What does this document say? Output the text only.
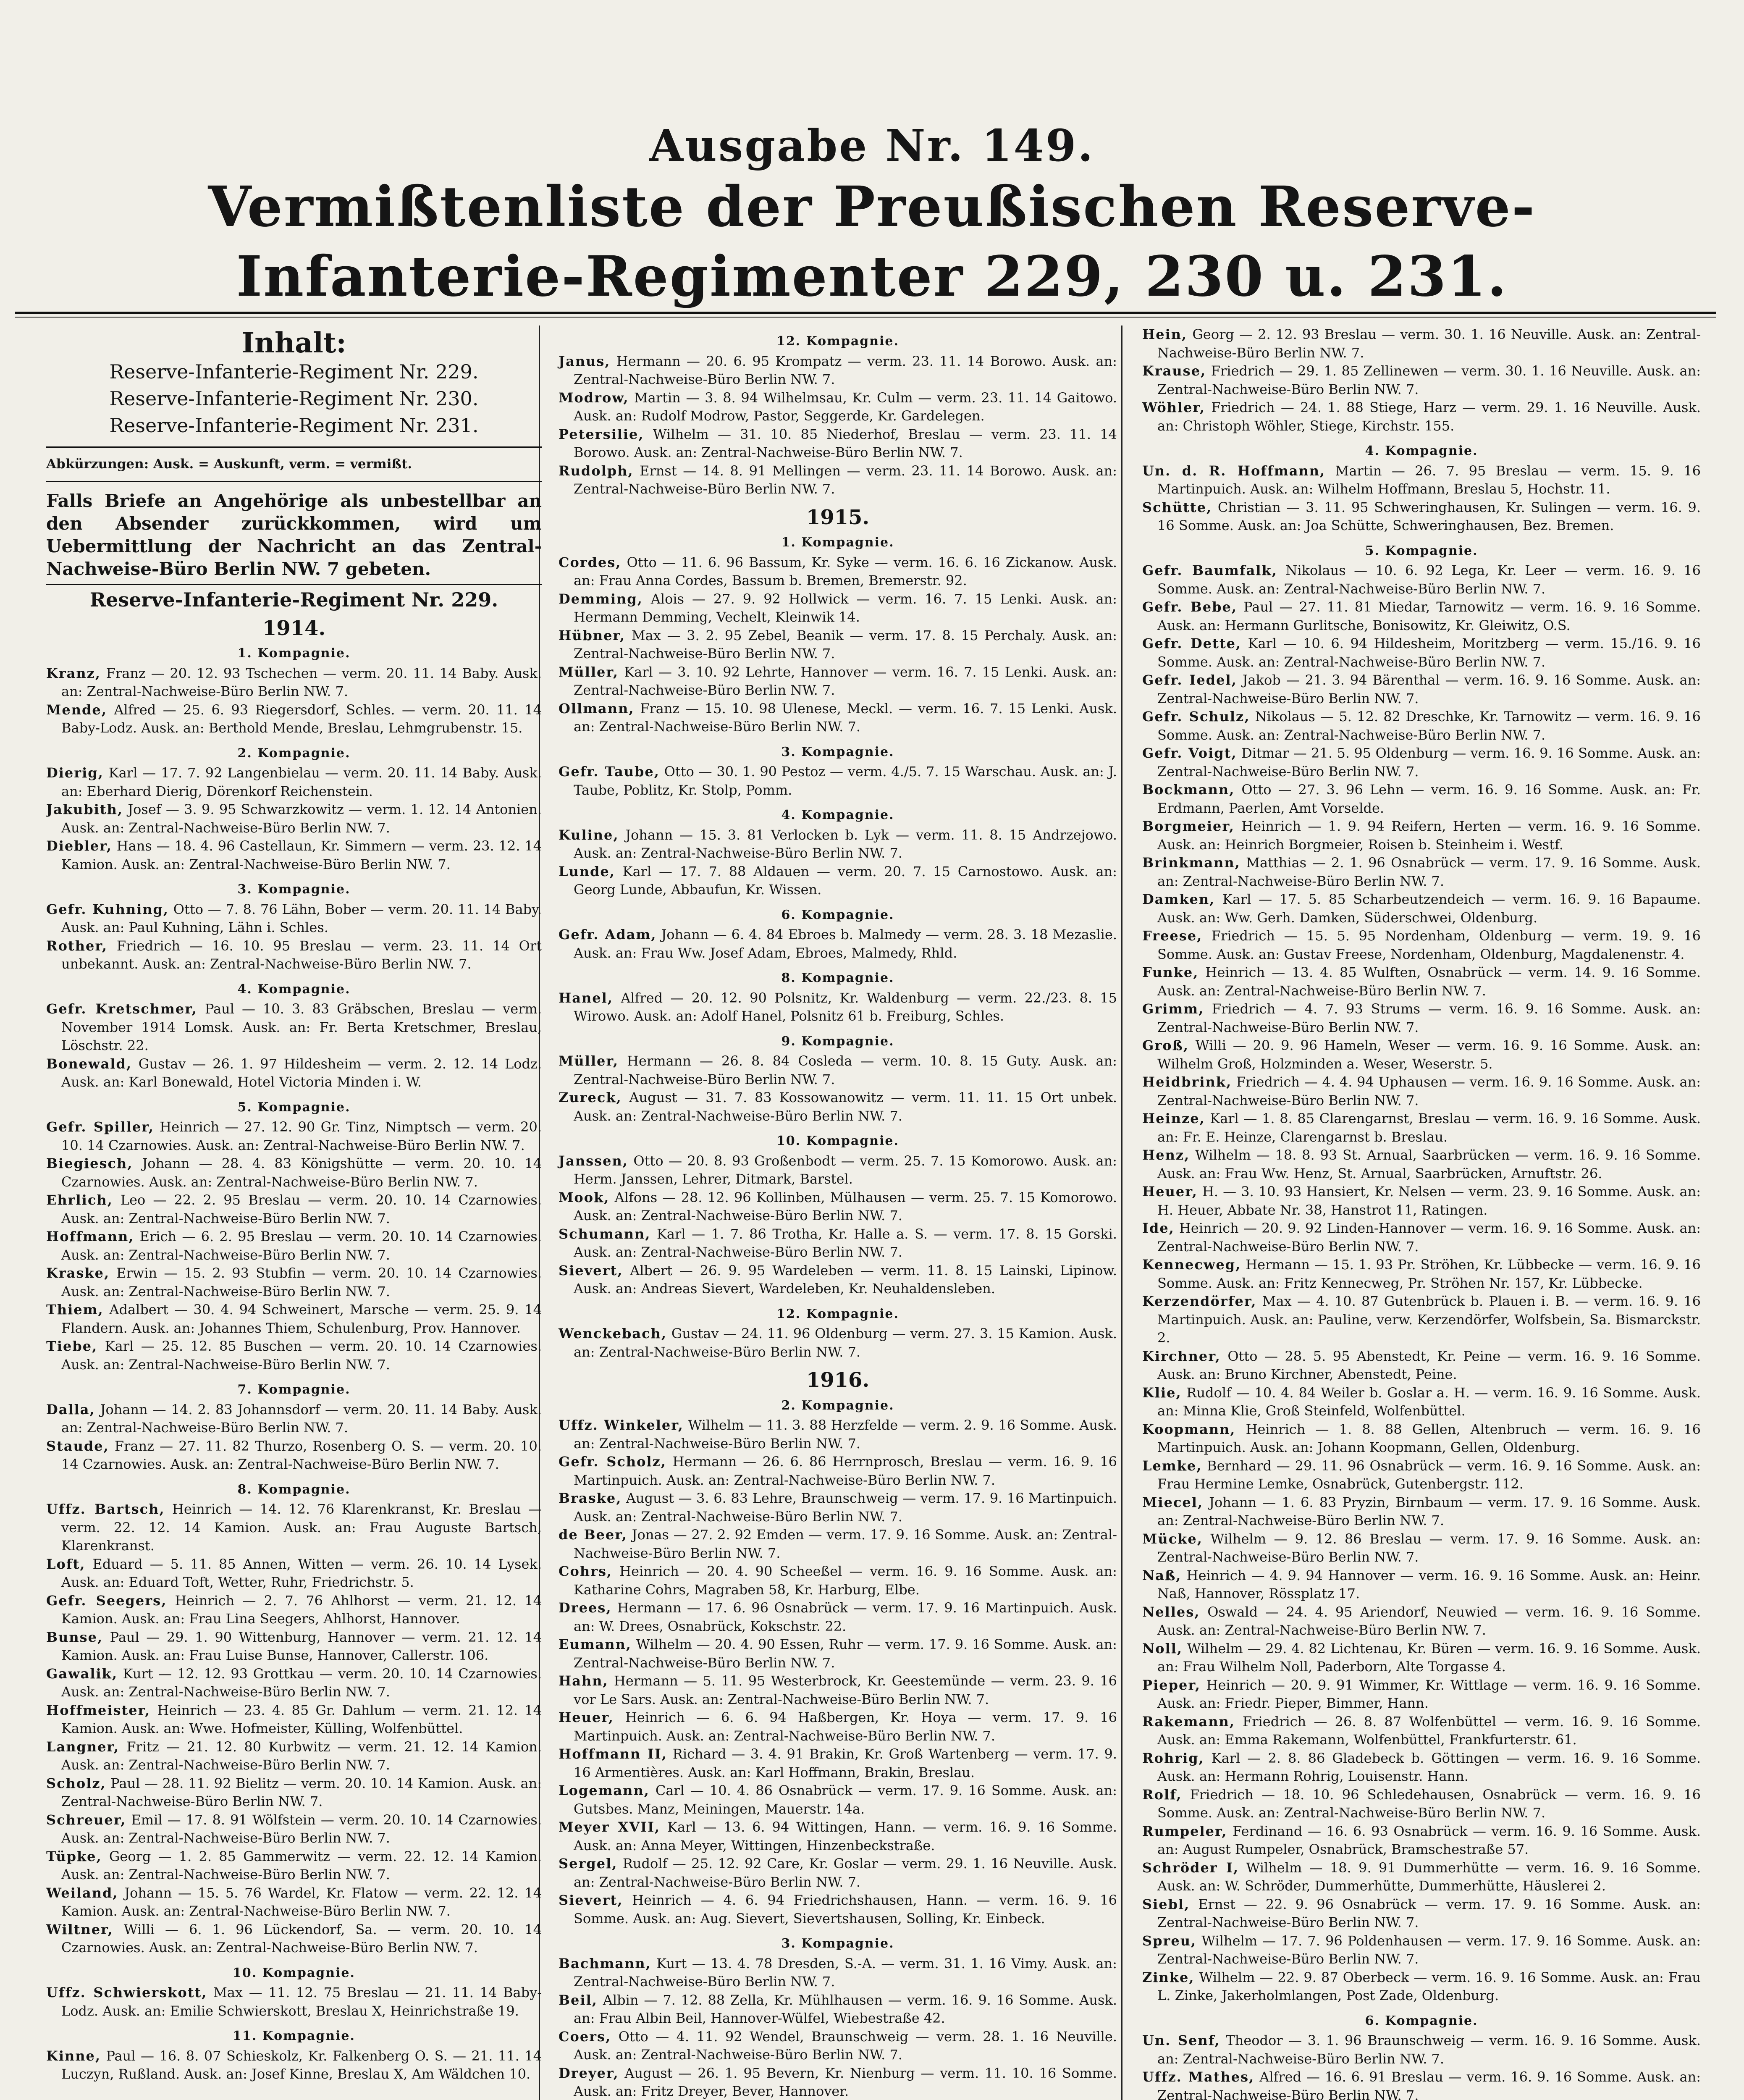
Ausgabe Nr. 149.
Vermißtenliste der Preußischen Reserve-Infanterie-Regimenter 229, 230 u. 231.
Inhalt:
Reserve-Infanterie-Regiment Nr. 229.
Reserve-Infanterie-Regiment Nr. 230.
Reserve-Infanterie-Regiment Nr. 231.
Abkürzungen: Ausk. = Auskunft, verm. = vermißt.
Falls Briefe an Angehörige als unbestellbar an den Absender zurückkommen, wird um Uebermittlung der Nachricht an das Zentral-Nachweise-Büro Berlin NW. 7 gebeten.
Reserve-Infanterie-Regiment Nr. 229.
1914.
1. Kompagnie.

Kranz, Franz — 20. 12. 93 Tschechen — verm. 20. 11. 14 Baby. Ausk. an: Zentral-Nachweise-Büro Berlin NW. 7.

Mende, Alfred — 25. 6. 93 Riegersdorf, Schles. — verm. 20. 11. 14 Baby-Lodz. Ausk. an: Berthold Mende, Breslau, Lehmgrubenstr. 15.

2. Kompagnie.

Dierig, Karl — 17. 7. 92 Langenbielau — verm. 20. 11. 14 Baby. Ausk. an: Eberhard Dierig, Dörenkorf Reichenstein.

Jakubith, Josef — 3. 9. 95 Schwarzkowitz — verm. 1. 12. 14 Antonien. Ausk. an: Zentral-Nachweise-Büro Berlin NW. 7.

Diebler, Hans — 18. 4. 96 Castellaun, Kr. Simmern — verm. 23. 12. 14 Kamion. Ausk. an: Zentral-Nachweise-Büro Berlin NW. 7.

3. Kompagnie.

Gefr. Kuhning, Otto — 7. 8. 76 Lähn, Bober — verm. 20. 11. 14 Baby. Ausk. an: Paul Kuhning, Lähn i. Schles.

Rother, Friedrich — 16. 10. 95 Breslau — verm. 23. 11. 14 Ort unbekannt. Ausk. an: Zentral-Nachweise-Büro Berlin NW. 7.

4. Kompagnie.

Gefr. Kretschmer, Paul — 10. 3. 83 Gräbschen, Breslau — verm. November 1914 Lomsk. Ausk. an: Fr. Berta Kretschmer, Breslau, Löschstr. 22.

Bonewald, Gustav — 26. 1. 97 Hildesheim — verm. 2. 12. 14 Lodz. Ausk. an: Karl Bonewald, Hotel Victoria Minden i. W.

5. Kompagnie.

Gefr. Spiller, Heinrich — 27. 12. 90 Gr. Tinz, Nimptsch — verm. 20. 10. 14 Czarnowies. Ausk. an: Zentral-Nachweise-Büro Berlin NW. 7.

Biegiesch, Johann — 28. 4. 83 Königshütte — verm. 20. 10. 14 Czarnowies. Ausk. an: Zentral-Nachweise-Büro Berlin NW. 7.

Ehrlich, Leo — 22. 2. 95 Breslau — verm. 20. 10. 14 Czarnowies. Ausk. an: Zentral-Nachweise-Büro Berlin NW. 7.

Hoffmann, Erich — 6. 2. 95 Breslau — verm. 20. 10. 14 Czarnowies. Ausk. an: Zentral-Nachweise-Büro Berlin NW. 7.

Kraske, Erwin — 15. 2. 93 Stubfin — verm. 20. 10. 14 Czarnowies. Ausk. an: Zentral-Nachweise-Büro Berlin NW. 7.

Thiem, Adalbert — 30. 4. 94 Schweinert, Marsche — verm. 25. 9. 14 Flandern. Ausk. an: Johannes Thiem, Schulenburg, Prov. Hannover.

Tiebe, Karl — 25. 12. 85 Buschen — verm. 20. 10. 14 Czarnowies. Ausk. an: Zentral-Nachweise-Büro Berlin NW. 7.

7. Kompagnie.

Dalla, Johann — 14. 2. 83 Johannsdorf — verm. 20. 11. 14 Baby. Ausk. an: Zentral-Nachweise-Büro Berlin NW. 7.

Staude, Franz — 27. 11. 82 Thurzo, Rosenberg O. S. — verm. 20. 10. 14 Czarnowies. Ausk. an: Zentral-Nachweise-Büro Berlin NW. 7.

8. Kompagnie.

Uffz. Bartsch, Heinrich — 14. 12. 76 Klarenkranst, Kr. Breslau — verm. 22. 12. 14 Kamion. Ausk. an: Frau Auguste Bartsch, Klarenkranst.

Loft, Eduard — 5. 11. 85 Annen, Witten — verm. 26. 10. 14 Lysek. Ausk. an: Eduard Toft, Wetter, Ruhr, Friedrichstr. 5.

Gefr. Seegers, Heinrich — 2. 7. 76 Ahlhorst — verm. 21. 12. 14 Kamion. Ausk. an: Frau Lina Seegers, Ahlhorst, Hannover.

Bunse, Paul — 29. 1. 90 Wittenburg, Hannover — verm. 21. 12. 14 Kamion. Ausk. an: Frau Luise Bunse, Hannover, Callerstr. 106.

Gawalik, Kurt — 12. 12. 93 Grottkau — verm. 20. 10. 14 Czarnowies. Ausk. an: Zentral-Nachweise-Büro Berlin NW. 7.

Hoffmeister, Heinrich — 23. 4. 85 Gr. Dahlum — verm. 21. 12. 14 Kamion. Ausk. an: Wwe. Hofmeister, Külling, Wolfenbüttel.

Langner, Fritz — 21. 12. 80 Kurbwitz — verm. 21. 12. 14 Kamion. Ausk. an: Zentral-Nachweise-Büro Berlin NW. 7.

Scholz, Paul — 28. 11. 92 Bielitz — verm. 20. 10. 14 Kamion. Ausk. an: Zentral-Nachweise-Büro Berlin NW. 7.

Schreuer, Emil — 17. 8. 91 Wölfstein — verm. 20. 10. 14 Czarnowies. Ausk. an: Zentral-Nachweise-Büro Berlin NW. 7.

Tüpke, Georg — 1. 2. 85 Gammerwitz — verm. 22. 12. 14 Kamion. Ausk. an: Zentral-Nachweise-Büro Berlin NW. 7.

Weiland, Johann — 15. 5. 76 Wardel, Kr. Flatow — verm. 22. 12. 14 Kamion. Ausk. an: Zentral-Nachweise-Büro Berlin NW. 7.

Wiltner, Willi — 6. 1. 96 Lückendorf, Sa. — verm. 20. 10. 14 Czarnowies. Ausk. an: Zentral-Nachweise-Büro Berlin NW. 7.

10. Kompagnie.

Uffz. Schwierskott, Max — 11. 12. 75 Breslau — 21. 11. 14 Baby-Lodz. Ausk. an: Emilie Schwierskott, Breslau X, Heinrichstraße 19.

11. Kompagnie.

Kinne, Paul — 16. 8. 07 Schieskolz, Kr. Falkenberg O. S. — 21. 11. 14 Luczyn, Rußland. Ausk. an: Josef Kinne, Breslau X, Am Wäldchen 10.

12. Kompagnie.

Janus, Hermann — 20. 6. 95 Krompatz — verm. 23. 11. 14 Borowo. Ausk. an: Zentral-Nachweise-Büro Berlin NW. 7.

Modrow, Martin — 3. 8. 94 Wilhelmsau, Kr. Culm — verm. 23. 11. 14 Gaitowo. Ausk. an: Rudolf Modrow, Pastor, Seggerde, Kr. Gardelegen.

Petersilie, Wilhelm — 31. 10. 85 Niederhof, Breslau — verm. 23. 11. 14 Borowo. Ausk. an: Zentral-Nachweise-Büro Berlin NW. 7.

Rudolph, Ernst — 14. 8. 91 Mellingen — verm. 23. 11. 14 Borowo. Ausk. an: Zentral-Nachweise-Büro Berlin NW. 7.

1915.
1. Kompagnie.

Cordes, Otto — 11. 6. 96 Bassum, Kr. Syke — verm. 16. 6. 16 Zickanow. Ausk. an: Frau Anna Cordes, Bassum b. Bremen, Bremerstr. 92.

Demming, Alois — 27. 9. 92 Hollwick — verm. 16. 7. 15 Lenki. Ausk. an: Hermann Demming, Vechelt, Kleinwik 14.

Hübner, Max — 3. 2. 95 Zebel, Beanik — verm. 17. 8. 15 Perchaly. Ausk. an: Zentral-Nachweise-Büro Berlin NW. 7.

Müller, Karl — 3. 10. 92 Lehrte, Hannover — verm. 16. 7. 15 Lenki. Ausk. an: Zentral-Nachweise-Büro Berlin NW. 7.

Ollmann, Franz — 15. 10. 98 Ulenese, Meckl. — verm. 16. 7. 15 Lenki. Ausk. an: Zentral-Nachweise-Büro Berlin NW. 7.

3. Kompagnie.

Gefr. Taube, Otto — 30. 1. 90 Pestoz — verm. 4./5. 7. 15 Warschau. Ausk. an: J. Taube, Poblitz, Kr. Stolp, Pomm.

4. Kompagnie.

Kuline, Johann — 15. 3. 81 Verlocken b. Lyk — verm. 11. 8. 15 Andrzejowo. Ausk. an: Zentral-Nachweise-Büro Berlin NW. 7.

Lunde, Karl — 17. 7. 88 Aldauen — verm. 20. 7. 15 Carnostowo. Ausk. an: Georg Lunde, Abbaufun, Kr. Wissen.

6. Kompagnie.

Gefr. Adam, Johann — 6. 4. 84 Ebroes b. Malmedy — verm. 28. 3. 18 Mezaslie. Ausk. an: Frau Ww. Josef Adam, Ebroes, Malmedy, Rhld.

8. Kompagnie.

Hanel, Alfred — 20. 12. 90 Polsnitz, Kr. Waldenburg — verm. 22./23. 8. 15 Wirowo. Ausk. an: Adolf Hanel, Polsnitz 61 b. Freiburg, Schles.

9. Kompagnie.

Müller, Hermann — 26. 8. 84 Cosleda — verm. 10. 8. 15 Guty. Ausk. an: Zentral-Nachweise-Büro Berlin NW. 7.

Zureck, August — 31. 7. 83 Kossowanowitz — verm. 11. 11. 15 Ort unbek. Ausk. an: Zentral-Nachweise-Büro Berlin NW. 7.

10. Kompagnie.

Janssen, Otto — 20. 8. 93 Großenbodt — verm. 25. 7. 15 Komorowo. Ausk. an: Herm. Janssen, Lehrer, Ditmark, Barstel.

Mook, Alfons — 28. 12. 96 Kollinben, Mülhausen — verm. 25. 7. 15 Komorowo. Ausk. an: Zentral-Nachweise-Büro Berlin NW. 7.

Schumann, Karl — 1. 7. 86 Trotha, Kr. Halle a. S. — verm. 17. 8. 15 Gorski. Ausk. an: Zentral-Nachweise-Büro Berlin NW. 7.

Sievert, Albert — 26. 9. 95 Wardeleben — verm. 11. 8. 15 Lainski, Lipinow. Ausk. an: Andreas Sievert, Wardeleben, Kr. Neuhaldensleben.

12. Kompagnie.

Wenckebach, Gustav — 24. 11. 96 Oldenburg — verm. 27. 3. 15 Kamion. Ausk. an: Zentral-Nachweise-Büro Berlin NW. 7.

1916.
2. Kompagnie.

Uffz. Winkeler, Wilhelm — 11. 3. 88 Herzfelde — verm. 2. 9. 16 Somme. Ausk. an: Zentral-Nachweise-Büro Berlin NW. 7.

Gefr. Scholz, Hermann — 26. 6. 86 Herrnprosch, Breslau — verm. 16. 9. 16 Martinpuich. Ausk. an: Zentral-Nachweise-Büro Berlin NW. 7.

Braske, August — 3. 6. 83 Lehre, Braunschweig — verm. 17. 9. 16 Martinpuich. Ausk. an: Zentral-Nachweise-Büro Berlin NW. 7.

de Beer, Jonas — 27. 2. 92 Emden — verm. 17. 9. 16 Somme. Ausk. an: Zentral-Nachweise-Büro Berlin NW. 7.

Cohrs, Heinrich — 20. 4. 90 Scheeßel — verm. 16. 9. 16 Somme. Ausk. an: Katharine Cohrs, Magraben 58, Kr. Harburg, Elbe.

Drees, Hermann — 17. 6. 96 Osnabrück — verm. 17. 9. 16 Martinpuich. Ausk. an: W. Drees, Osnabrück, Kokschstr. 22.

Eumann, Wilhelm — 20. 4. 90 Essen, Ruhr — verm. 17. 9. 16 Somme. Ausk. an: Zentral-Nachweise-Büro Berlin NW. 7.

Hahn, Hermann — 5. 11. 95 Westerbrock, Kr. Geestemünde — verm. 23. 9. 16 vor Le Sars. Ausk. an: Zentral-Nachweise-Büro Berlin NW. 7.

Heuer, Heinrich — 6. 6. 94 Haßbergen, Kr. Hoya — verm. 17. 9. 16 Martinpuich. Ausk. an: Zentral-Nachweise-Büro Berlin NW. 7.

Hoffmann II, Richard — 3. 4. 91 Brakin, Kr. Groß Wartenberg — verm. 17. 9. 16 Armentières. Ausk. an: Karl Hoffmann, Brakin, Breslau.

Logemann, Carl — 10. 4. 86 Osnabrück — verm. 17. 9. 16 Somme. Ausk. an: Gutsbes. Manz, Meiningen, Mauerstr. 14a.

Meyer XVII, Karl — 13. 6. 94 Wittingen, Hann. — verm. 16. 9. 16 Somme. Ausk. an: Anna Meyer, Wittingen, Hinzenbeckstraße.

Sergel, Rudolf — 25. 12. 92 Care, Kr. Goslar — verm. 29. 1. 16 Neuville. Ausk. an: Zentral-Nachweise-Büro Berlin NW. 7.

Sievert, Heinrich — 4. 6. 94 Friedrichshausen, Hann. — verm. 16. 9. 16 Somme. Ausk. an: Aug. Sievert, Sievertshausen, Solling, Kr. Einbeck.

3. Kompagnie.

Bachmann, Kurt — 13. 4. 78 Dresden, S.-A. — verm. 31. 1. 16 Vimy. Ausk. an: Zentral-Nachweise-Büro Berlin NW. 7.

Beil, Albin — 7. 12. 88 Zella, Kr. Mühlhausen — verm. 16. 9. 16 Somme. Ausk. an: Frau Albin Beil, Hannover-Wülfel, Wiebestraße 42.

Coers, Otto — 4. 11. 92 Wendel, Braunschweig — verm. 28. 1. 16 Neuville. Ausk. an: Zentral-Nachweise-Büro Berlin NW. 7.

Dreyer, August — 26. 1. 95 Bevern, Kr. Nienburg — verm. 11. 10. 16 Somme. Ausk. an: Fritz Dreyer, Bever, Hannover.

Hein, Georg — 2. 12. 93 Breslau — verm. 30. 1. 16 Neuville. Ausk. an: Zentral-Nachweise-Büro Berlin NW. 7.

Krause, Friedrich — 29. 1. 85 Zellinewen — verm. 30. 1. 16 Neuville. Ausk. an: Zentral-Nachweise-Büro Berlin NW. 7.

Wöhler, Friedrich — 24. 1. 88 Stiege, Harz — verm. 29. 1. 16 Neuville. Ausk. an: Christoph Wöhler, Stiege, Kirchstr. 155.

4. Kompagnie.

Un. d. R. Hoffmann, Martin — 26. 7. 95 Breslau — verm. 15. 9. 16 Martinpuich. Ausk. an: Wilhelm Hoffmann, Breslau 5, Hochstr. 11.

Schütte, Christian — 3. 11. 95 Schweringhausen, Kr. Sulingen — verm. 16. 9. 16 Somme. Ausk. an: Joa Schütte, Schweringhausen, Bez. Bremen.

5. Kompagnie.

Gefr. Baumfalk, Nikolaus — 10. 6. 92 Lega, Kr. Leer — verm. 16. 9. 16 Somme. Ausk. an: Zentral-Nachweise-Büro Berlin NW. 7.

Gefr. Bebe, Paul — 27. 11. 81 Miedar, Tarnowitz — verm. 16. 9. 16 Somme. Ausk. an: Hermann Gurlitsche, Bonisowitz, Kr. Gleiwitz, O.S.

Gefr. Dette, Karl — 10. 6. 94 Hildesheim, Moritzberg — verm. 15./16. 9. 16 Somme. Ausk. an: Zentral-Nachweise-Büro Berlin NW. 7.

Gefr. Iedel, Jakob — 21. 3. 94 Bärenthal — verm. 16. 9. 16 Somme. Ausk. an: Zentral-Nachweise-Büro Berlin NW. 7.

Gefr. Schulz, Nikolaus — 5. 12. 82 Dreschke, Kr. Tarnowitz — verm. 16. 9. 16 Somme. Ausk. an: Zentral-Nachweise-Büro Berlin NW. 7.

Gefr. Voigt, Ditmar — 21. 5. 95 Oldenburg — verm. 16. 9. 16 Somme. Ausk. an: Zentral-Nachweise-Büro Berlin NW. 7.

Bockmann, Otto — 27. 3. 96 Lehn — verm. 16. 9. 16 Somme. Ausk. an: Fr. Erdmann, Paerlen, Amt Vorselde.

Borgmeier, Heinrich — 1. 9. 94 Reifern, Herten — verm. 16. 9. 16 Somme. Ausk. an: Heinrich Borgmeier, Roisen b. Steinheim i. Westf.

Brinkmann, Matthias — 2. 1. 96 Osnabrück — verm. 17. 9. 16 Somme. Ausk. an: Zentral-Nachweise-Büro Berlin NW. 7.

Damken, Karl — 17. 5. 85 Scharbeutzendeich — verm. 16. 9. 16 Bapaume. Ausk. an: Ww. Gerh. Damken, Süderschwei, Oldenburg.

Freese, Friedrich — 15. 5. 95 Nordenham, Oldenburg — verm. 19. 9. 16 Somme. Ausk. an: Gustav Freese, Nordenham, Oldenburg, Magdalenenstr. 4.

Funke, Heinrich — 13. 4. 85 Wulften, Osnabrück — verm. 14. 9. 16 Somme. Ausk. an: Zentral-Nachweise-Büro Berlin NW. 7.

Grimm, Friedrich — 4. 7. 93 Strums — verm. 16. 9. 16 Somme. Ausk. an: Zentral-Nachweise-Büro Berlin NW. 7.

Groß, Willi — 20. 9. 96 Hameln, Weser — verm. 16. 9. 16 Somme. Ausk. an: Wilhelm Groß, Holzminden a. Weser, Weserstr. 5.

Heidbrink, Friedrich — 4. 4. 94 Uphausen — verm. 16. 9. 16 Somme. Ausk. an: Zentral-Nachweise-Büro Berlin NW. 7.

Heinze, Karl — 1. 8. 85 Clarengarnst, Breslau — verm. 16. 9. 16 Somme. Ausk. an: Fr. E. Heinze, Clarengarnst b. Breslau.

Henz, Wilhelm — 18. 8. 93 St. Arnual, Saarbrücken — verm. 16. 9. 16 Somme. Ausk. an: Frau Ww. Henz, St. Arnual, Saarbrücken, Arnuftstr. 26.

Heuer, H. — 3. 10. 93 Hansiert, Kr. Nelsen — verm. 23. 9. 16 Somme. Ausk. an: H. Heuer, Abbate Nr. 38, Hanstrot 11, Ratingen.

Ide, Heinrich — 20. 9. 92 Linden-Hannover — verm. 16. 9. 16 Somme. Ausk. an: Zentral-Nachweise-Büro Berlin NW. 7.

Kennecweg, Hermann — 15. 1. 93 Pr. Ströhen, Kr. Lübbecke — verm. 16. 9. 16 Somme. Ausk. an: Fritz Kennecweg, Pr. Ströhen Nr. 157, Kr. Lübbecke.

Kerzendörfer, Max — 4. 10. 87 Gutenbrück b. Plauen i. B. — verm. 16. 9. 16 Martinpuich. Ausk. an: Pauline, verw. Kerzendörfer, Wolfsbein, Sa. Bismarckstr. 2.

Kirchner, Otto — 28. 5. 95 Abenstedt, Kr. Peine — verm. 16. 9. 16 Somme. Ausk. an: Bruno Kirchner, Abenstedt, Peine.

Klie, Rudolf — 10. 4. 84 Weiler b. Goslar a. H. — verm. 16. 9. 16 Somme. Ausk. an: Minna Klie, Groß Steinfeld, Wolfenbüttel.

Koopmann, Heinrich — 1. 8. 88 Gellen, Altenbruch — verm. 16. 9. 16 Martinpuich. Ausk. an: Johann Koopmann, Gellen, Oldenburg.

Lemke, Bernhard — 29. 11. 96 Osnabrück — verm. 16. 9. 16 Somme. Ausk. an: Frau Hermine Lemke, Osnabrück, Gutenbergstr. 112.

Miecel, Johann — 1. 6. 83 Pryzin, Birnbaum — verm. 17. 9. 16 Somme. Ausk. an: Zentral-Nachweise-Büro Berlin NW. 7.

Mücke, Wilhelm — 9. 12. 86 Breslau — verm. 17. 9. 16 Somme. Ausk. an: Zentral-Nachweise-Büro Berlin NW. 7.

Naß, Heinrich — 4. 9. 94 Hannover — verm. 16. 9. 16 Somme. Ausk. an: Heinr. Naß, Hannover, Rössplatz 17.

Nelles, Oswald — 24. 4. 95 Ariendorf, Neuwied — verm. 16. 9. 16 Somme. Ausk. an: Zentral-Nachweise-Büro Berlin NW. 7.

Noll, Wilhelm — 29. 4. 82 Lichtenau, Kr. Büren — verm. 16. 9. 16 Somme. Ausk. an: Frau Wilhelm Noll, Paderborn, Alte Torgasse 4.

Pieper, Heinrich — 20. 9. 91 Wimmer, Kr. Wittlage — verm. 16. 9. 16 Somme. Ausk. an: Friedr. Pieper, Bimmer, Hann.

Rakemann, Friedrich — 26. 8. 87 Wolfenbüttel — verm. 16. 9. 16 Somme. Ausk. an: Emma Rakemann, Wolfenbüttel, Frankfurterstr. 61.

Rohrig, Karl — 2. 8. 86 Gladebeck b. Göttingen — verm. 16. 9. 16 Somme. Ausk. an: Hermann Rohrig, Louisenstr. Hann.

Rolf, Friedrich — 18. 10. 96 Schledehausen, Osnabrück — verm. 16. 9. 16 Somme. Ausk. an: Zentral-Nachweise-Büro Berlin NW. 7.

Rumpeler, Ferdinand — 16. 6. 93 Osnabrück — verm. 16. 9. 16 Somme. Ausk. an: August Rumpeler, Osnabrück, Bramschestraße 57.

Schröder I, Wilhelm — 18. 9. 91 Dummerhütte — verm. 16. 9. 16 Somme. Ausk. an: W. Schröder, Dummerhütte, Dummerhütte, Häuslerei 2.

Siebl, Ernst — 22. 9. 96 Osnabrück — verm. 17. 9. 16 Somme. Ausk. an: Zentral-Nachweise-Büro Berlin NW. 7.

Spreu, Wilhelm — 17. 7. 96 Poldenhausen — verm. 17. 9. 16 Somme. Ausk. an: Zentral-Nachweise-Büro Berlin NW. 7.

Zinke, Wilhelm — 22. 9. 87 Oberbeck — verm. 16. 9. 16 Somme. Ausk. an: Frau L. Zinke, Jakerholmlangen, Post Zade, Oldenburg.

6. Kompagnie.

Un. Senf, Theodor — 3. 1. 96 Braunschweig — verm. 16. 9. 16 Somme. Ausk. an: Zentral-Nachweise-Büro Berlin NW. 7.

Uffz. Mathes, Alfred — 16. 6. 91 Breslau — verm. 16. 9. 16 Somme. Ausk. an: Zentral-Nachweise-Büro Berlin NW. 7.
